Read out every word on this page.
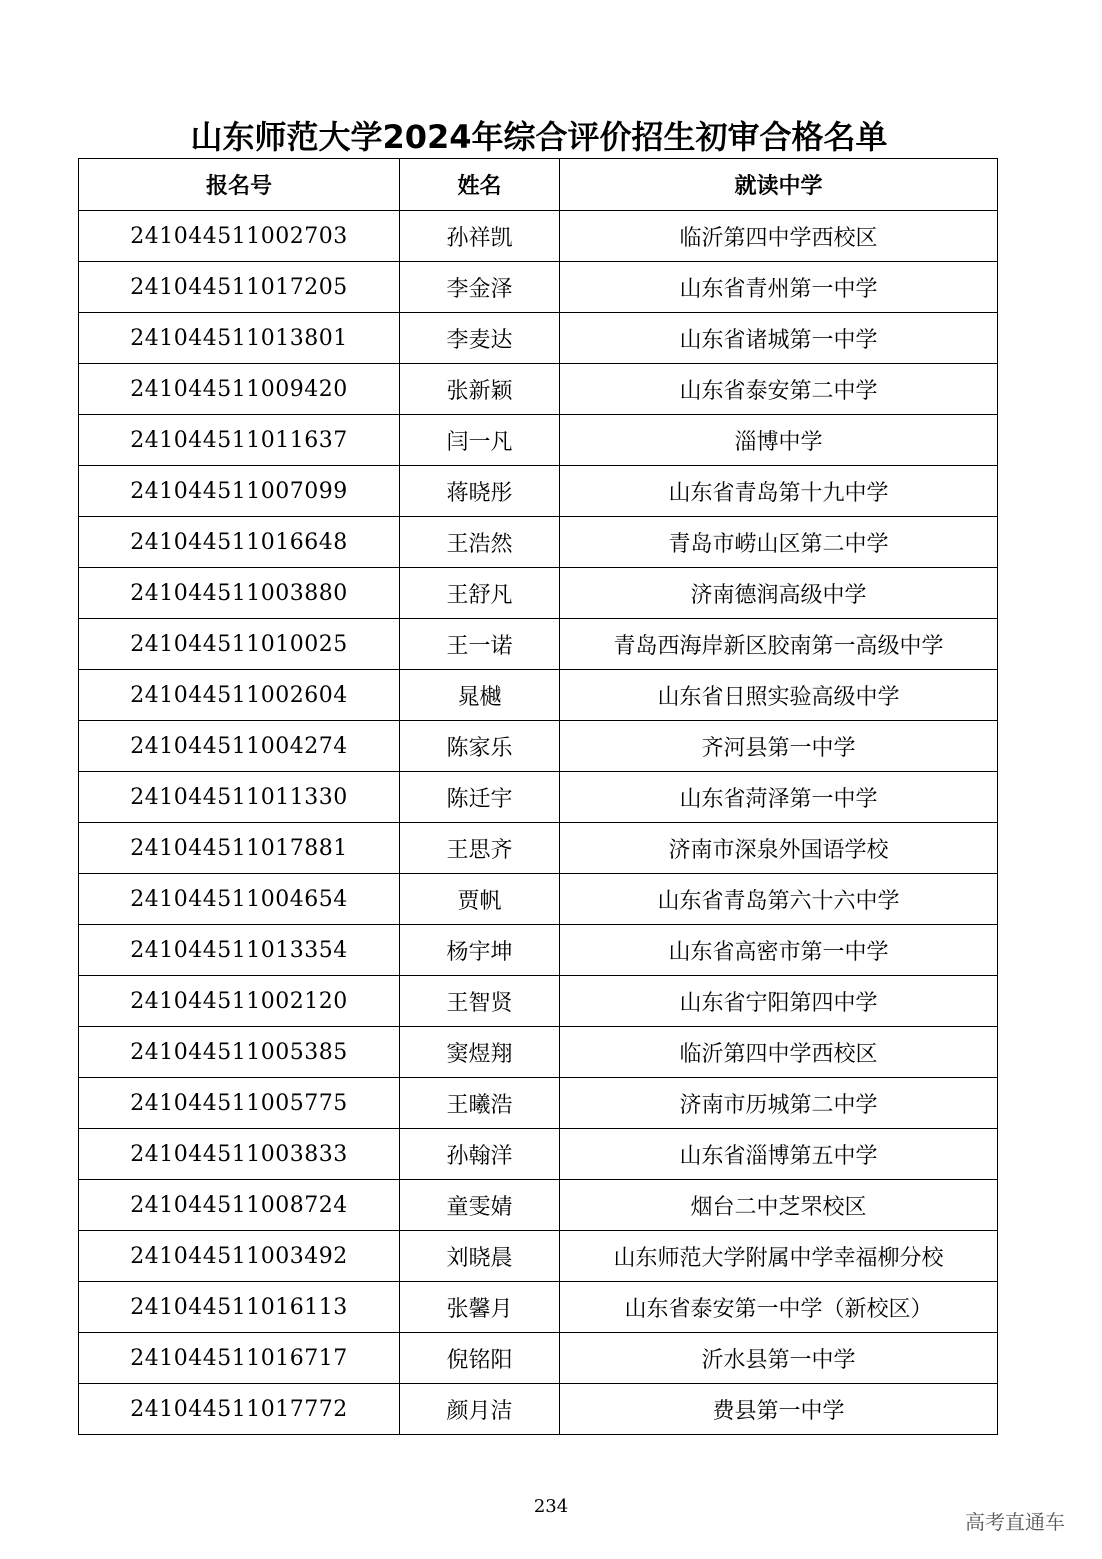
山东师范大学2024年综合评价招生初审合格名单
报名号	姓名	就读中学
241044511002703	孙祥凯	临沂第四中学西校区
241044511017205	李金泽	山东省青州第一中学
241044511013801	李麦达	山东省诸城第一中学
241044511009420	张新颖	山东省泰安第二中学
241044511011637	闫一凡	淄博中学
241044511007099	蒋晓彤	山东省青岛第十九中学
241044511016648	王浩然	青岛市崂山区第二中学
241044511003880	王舒凡	济南德润高级中学
241044511010025	王一诺	青岛西海岸新区胶南第一高级中学
241044511002604	晁樾	山东省日照实验高级中学
241044511004274	陈家乐	齐河县第一中学
241044511011330	陈迁宇	山东省菏泽第一中学
241044511017881	王思齐	济南市深泉外国语学校
241044511004654	贾帆	山东省青岛第六十六中学
241044511013354	杨宇坤	山东省高密市第一中学
241044511002120	王智贤	山东省宁阳第四中学
241044511005385	窦煜翔	临沂第四中学西校区
241044511005775	王曦浩	济南市历城第二中学
241044511003833	孙翰洋	山东省淄博第五中学
241044511008724	童雯婧	烟台二中芝罘校区
241044511003492	刘晓晨	山东师范大学附属中学幸福柳分校
241044511016113	张馨月	山东省泰安第一中学（新校区）
241044511016717	倪铭阳	沂水县第一中学
241044511017772	颜月洁	费县第一中学
234
高考直通车
